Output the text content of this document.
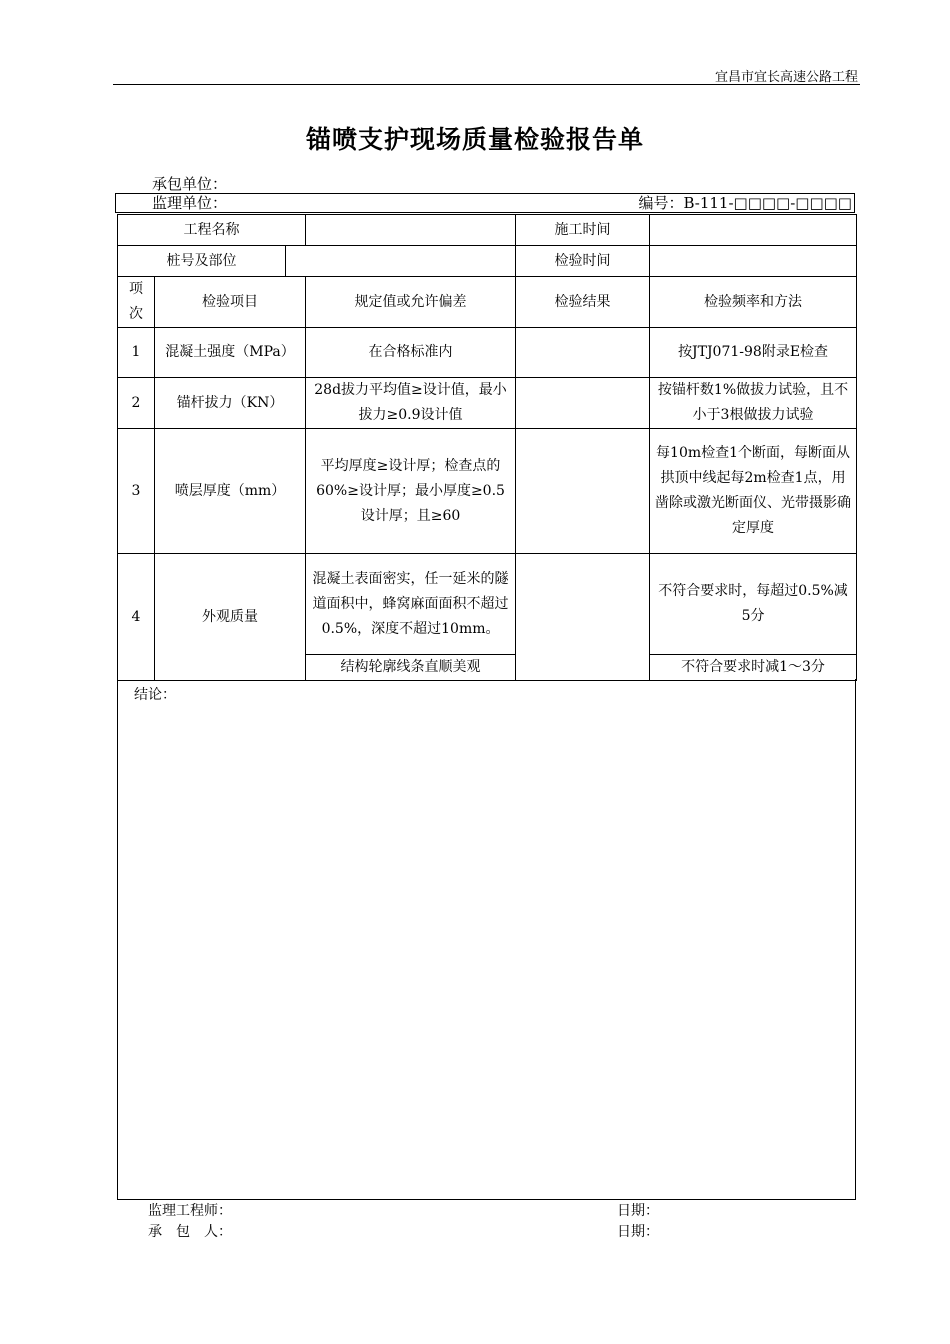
宜昌市宜长高速公路工程
锚喷支护现场质量检验报告单
承包单位：
监理单位：	编号：B-111-□□□□-□□□□
工程名称				施工时间	
桩号及部位				检验时间	
项次	检验项目		规定值或允许偏差	检验结果	检验频率和方法
1	混凝土强度（MPa）		在合格标准内		按JTJ071-98附录E检查
2	锚杆拔力（KN）		28d拔力平均值≥设计值，最小拔力≥0.9设计值		按锚杆数1%做拔力试验，且不小于3根做拔力试验
3	喷层厚度（mm）		平均厚度≥设计厚；检查点的60%≥设计厚；最小厚度≥0.5设计厚；且≥60		每10m检查1个断面，每断面从拱顶中线起每2m检查1点，用凿除或激光断面仪、光带摄影确定厚度
4	外观质量		混凝土表面密实，任一延米的隧道面积中，蜂窝麻面面积不超过0.5%，深度不超过10mm。		不符合要求时，每超过0.5%减5分
			结构轮廓线条直顺美观		不符合要求时减1～3分
结论：
监理工程师：	日期：
承　包　人：	日期：
